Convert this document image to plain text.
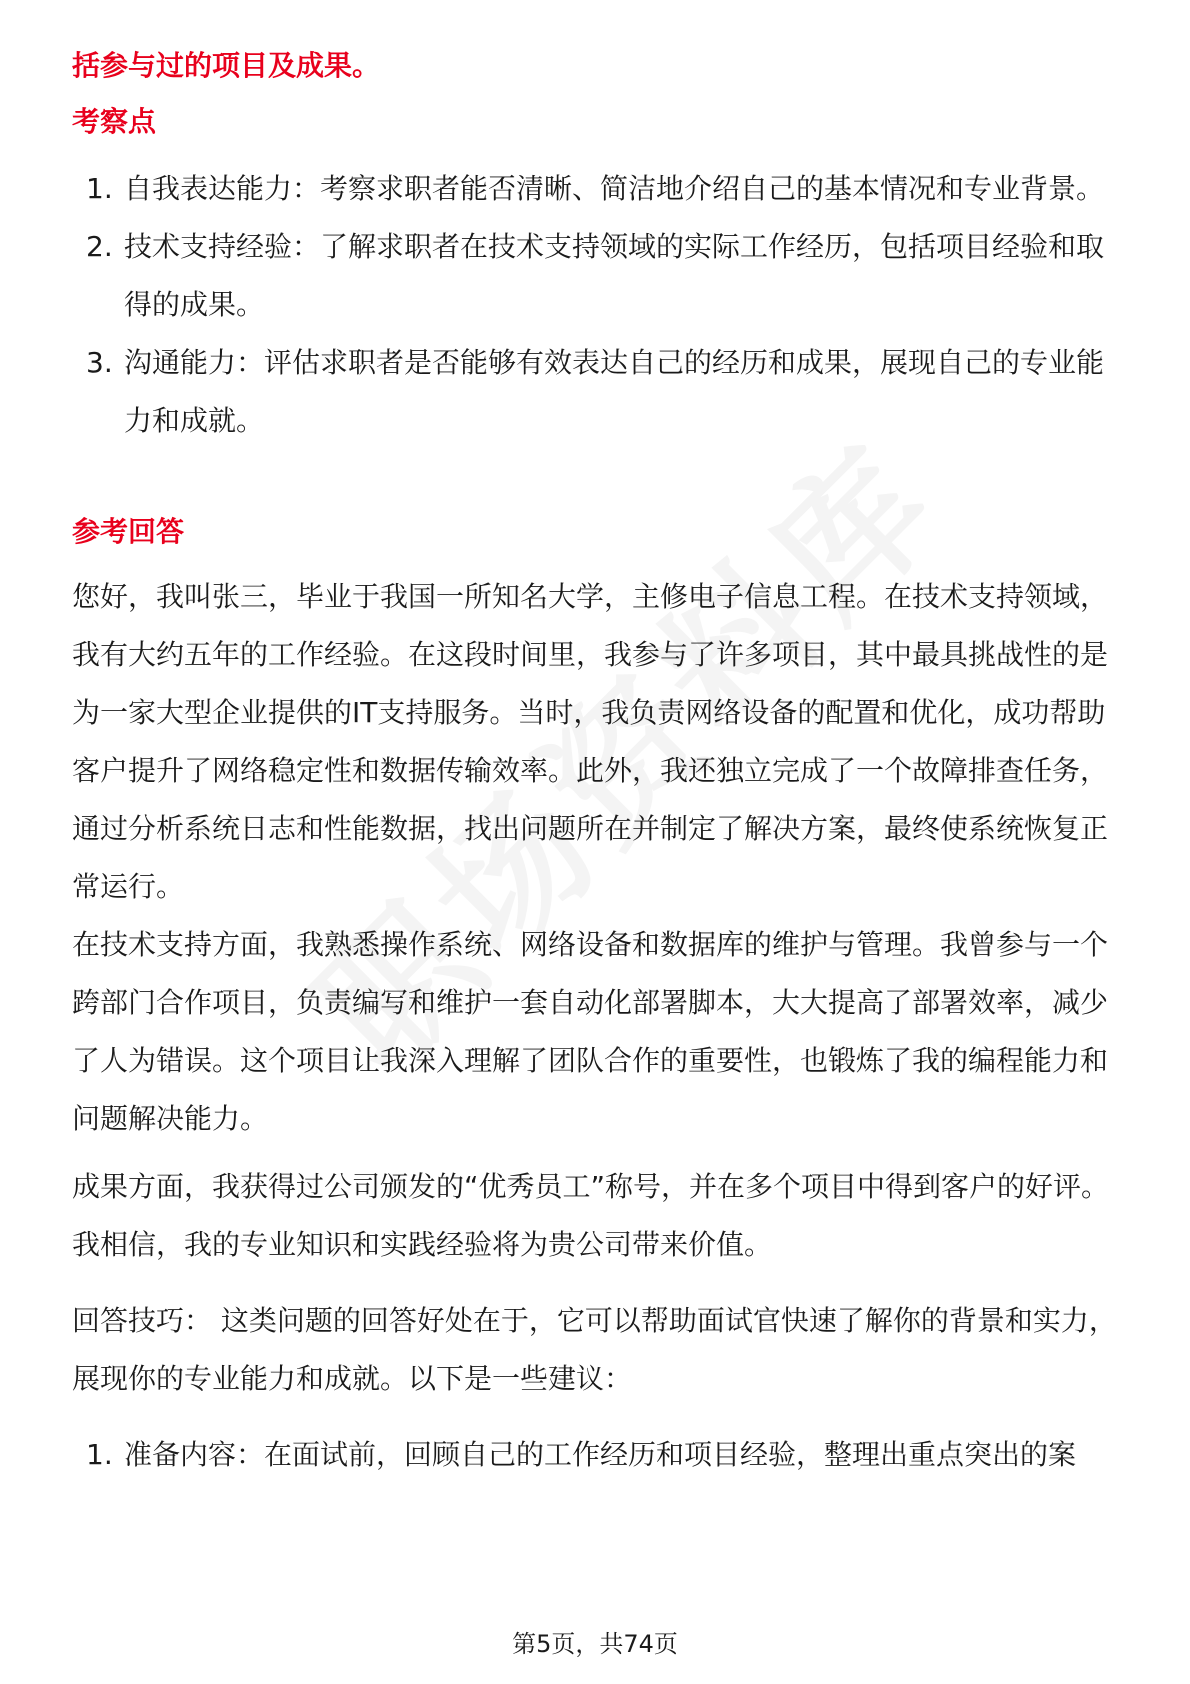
括参与过的项目及成果。

考察点

1. 自我表达能力：考察求职者能否清晰、简洁地介绍自己的基本情况和专业背景。
2. 技术支持经验：了解求职者在技术支持领域的实际工作经历，包括项目经验和取得的成果。
3. 沟通能力：评估求职者是否能够有效表达自己的经历和成果，展现自己的专业能力和成就。

参考回答

您好，我叫张三，毕业于我国一所知名大学，主修电子信息工程。在技术支持领域，我有大约五年的工作经验。在这段时间里，我参与了许多项目，其中最具挑战性的是为一家大型企业提供的IT支持服务。当时，我负责网络设备的配置和优化，成功帮助客户提升了网络稳定性和数据传输效率。此外，我还独立完成了一个故障排查任务，通过分析系统日志和性能数据，找出问题所在并制定了解决方案，最终使系统恢复正常运行。

在技术支持方面，我熟悉操作系统、网络设备和数据库的维护与管理。我曾参与一个跨部门合作项目，负责编写和维护一套自动化部署脚本，大大提高了部署效率，减少了人为错误。这个项目让我深入理解了团队合作的重要性，也锻炼了我的编程能力和问题解决能力。

成果方面，我获得过公司颁发的“优秀员工”称号，并在多个项目中得到客户的好评。我相信，我的专业知识和实践经验将为贵公司带来价值。

回答技巧： 这类问题的回答好处在于，它可以帮助面试官快速了解你的背景和实力，展现你的专业能力和成就。以下是一些建议：

1. 准备内容：在面试前，回顾自己的工作经历和项目经验，整理出重点突出的案
第5页，共74页
